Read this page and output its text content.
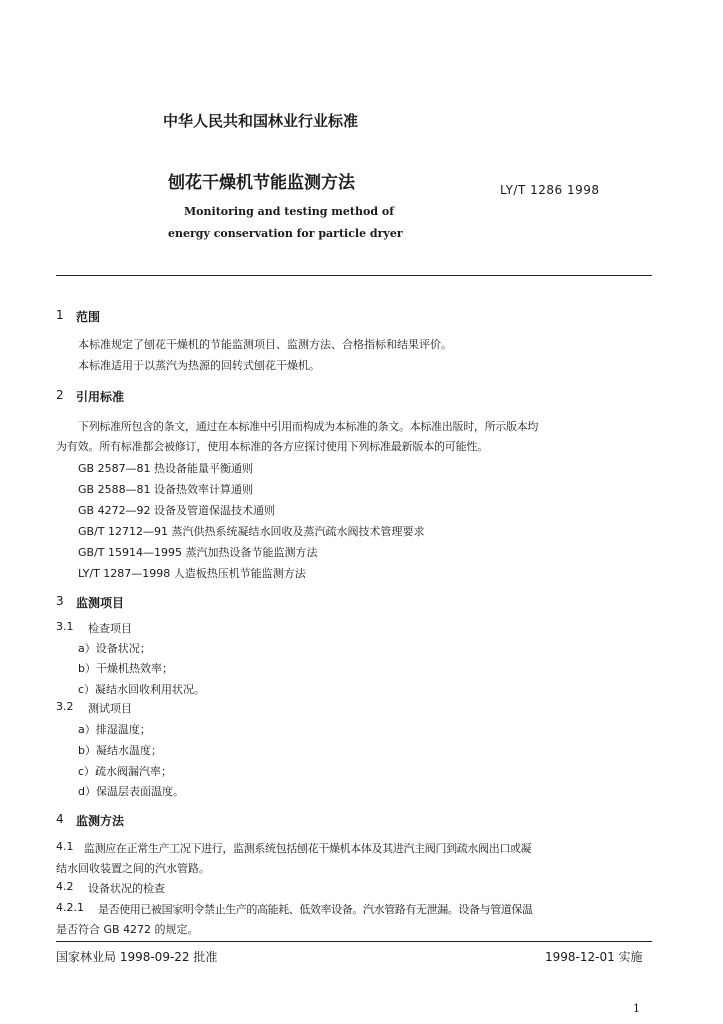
中华人民共和国林业行业标准
刨花干燥机节能监测方法	LY/T 1286 1998
Monitoring and testing method of
energy conservation for particle dryer
1 范围
本标准规定了刨花干燥机的节能监测项目、监测方法、合格指标和结果评价。
本标准适用于以蒸汽为热源的回转式刨花干燥机。
2 引用标准
下列标准所包含的条文，通过在本标准中引用而构成为本标准的条文。本标准出版时，所示版本均
为有效。所有标准都会被修订，使用本标准的各方应探讨使用下列标准最新版本的可能性。
GB 2587—81 热设备能量平衡通则
GB 2588—81 设备热效率计算通则
GB 4272—92 设备及管道保温技术通则
GB/T 12712—91 蒸汽供热系统凝结水回收及蒸汽疏水阀技术管理要求
GB/T 15914—1995 蒸汽加热设备节能监测方法
LY/T 1287—1998 人造板热压机节能监测方法
3 监测项目
3.1 检查项目
a）设备状况；
b）干燥机热效率；
c）凝结水回收利用状况。
3.2 测试项目
a）排湿温度；
b）凝结水温度；
c）疏水阀漏汽率；
d）保温层表面温度。
4 监测方法
4.1 监测应在正常生产工况下进行，监测系统包括刨花干燥机本体及其进汽主阀门到疏水阀出口或凝
结水回收装置之间的汽水管路。
4.2 设备状况的检查
4.2.1 是否使用已被国家明令禁止生产的高能耗、低效率设备。汽水管路有无泄漏。设备与管道保温
是否符合 GB 4272 的规定。
国家林业局 1998-09-22 批准	1998-12-01 实施
1
